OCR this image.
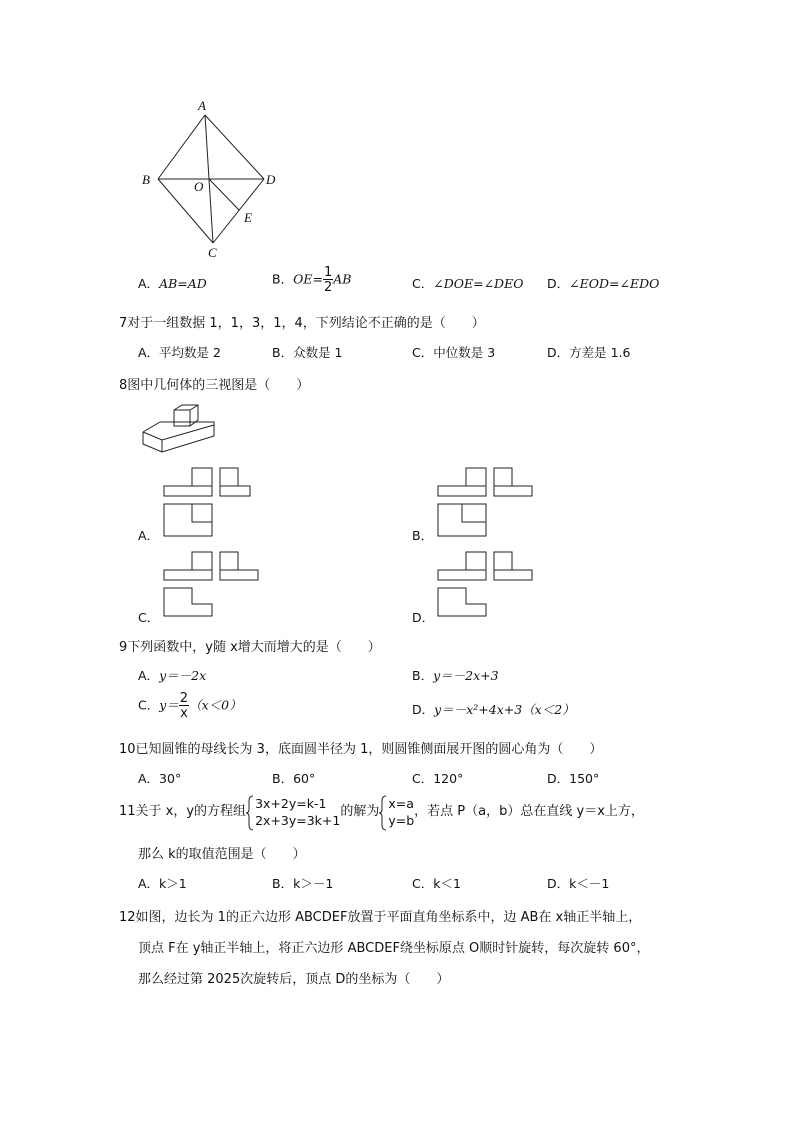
A
B	O	D
E
C
A．AB=AD	B．$OE= \frac{1}{2}$ AB	C．∠DOE=∠DEO D．∠EOD=∠EDO
7对于一组数据 1，1，3，1，4，下列结论不正确的是（　　）
A．平均数是 2	B．众数是 1	C．中位数是 3	D．方差是 1.6
8图中几何体的三视图是（　　）
A．	B．
C．	D．
9下列函数中，y随 x增大而增大的是（　　）
A．y＝－2x	B．y＝－2x+3
C．$y= \frac{2}{x} (x<0)$	D．y＝－x²+4x+3（x＜2）
10已知圆锥的母线长为 3，底面圆半径为 1，则圆锥侧面展开图的圆心角为（　　）
A．30°	B．60°	C．120°	D．150°
11关于 x，y的方程组
3x+2y=k-1
2x+3y=3k+1
的解为
x=a
y=b
，若点 P（a，b）总在直线 y＝x上方，
那么 k的取值范围是（　　）
A．k＞1	B．k＞－1	C．k＜1	D．k＜－1
12如图，边长为 1的正六边形 ABCDEF放置于平面直角坐标系中，边 AB在 x轴正半轴上，
顶点 F在 y轴正半轴上，将正六边形 ABCDEF绕坐标原点 O顺时针旋转，每次旋转 60°，
那么经过第 2025次旋转后，顶点 D的坐标为（　　）
